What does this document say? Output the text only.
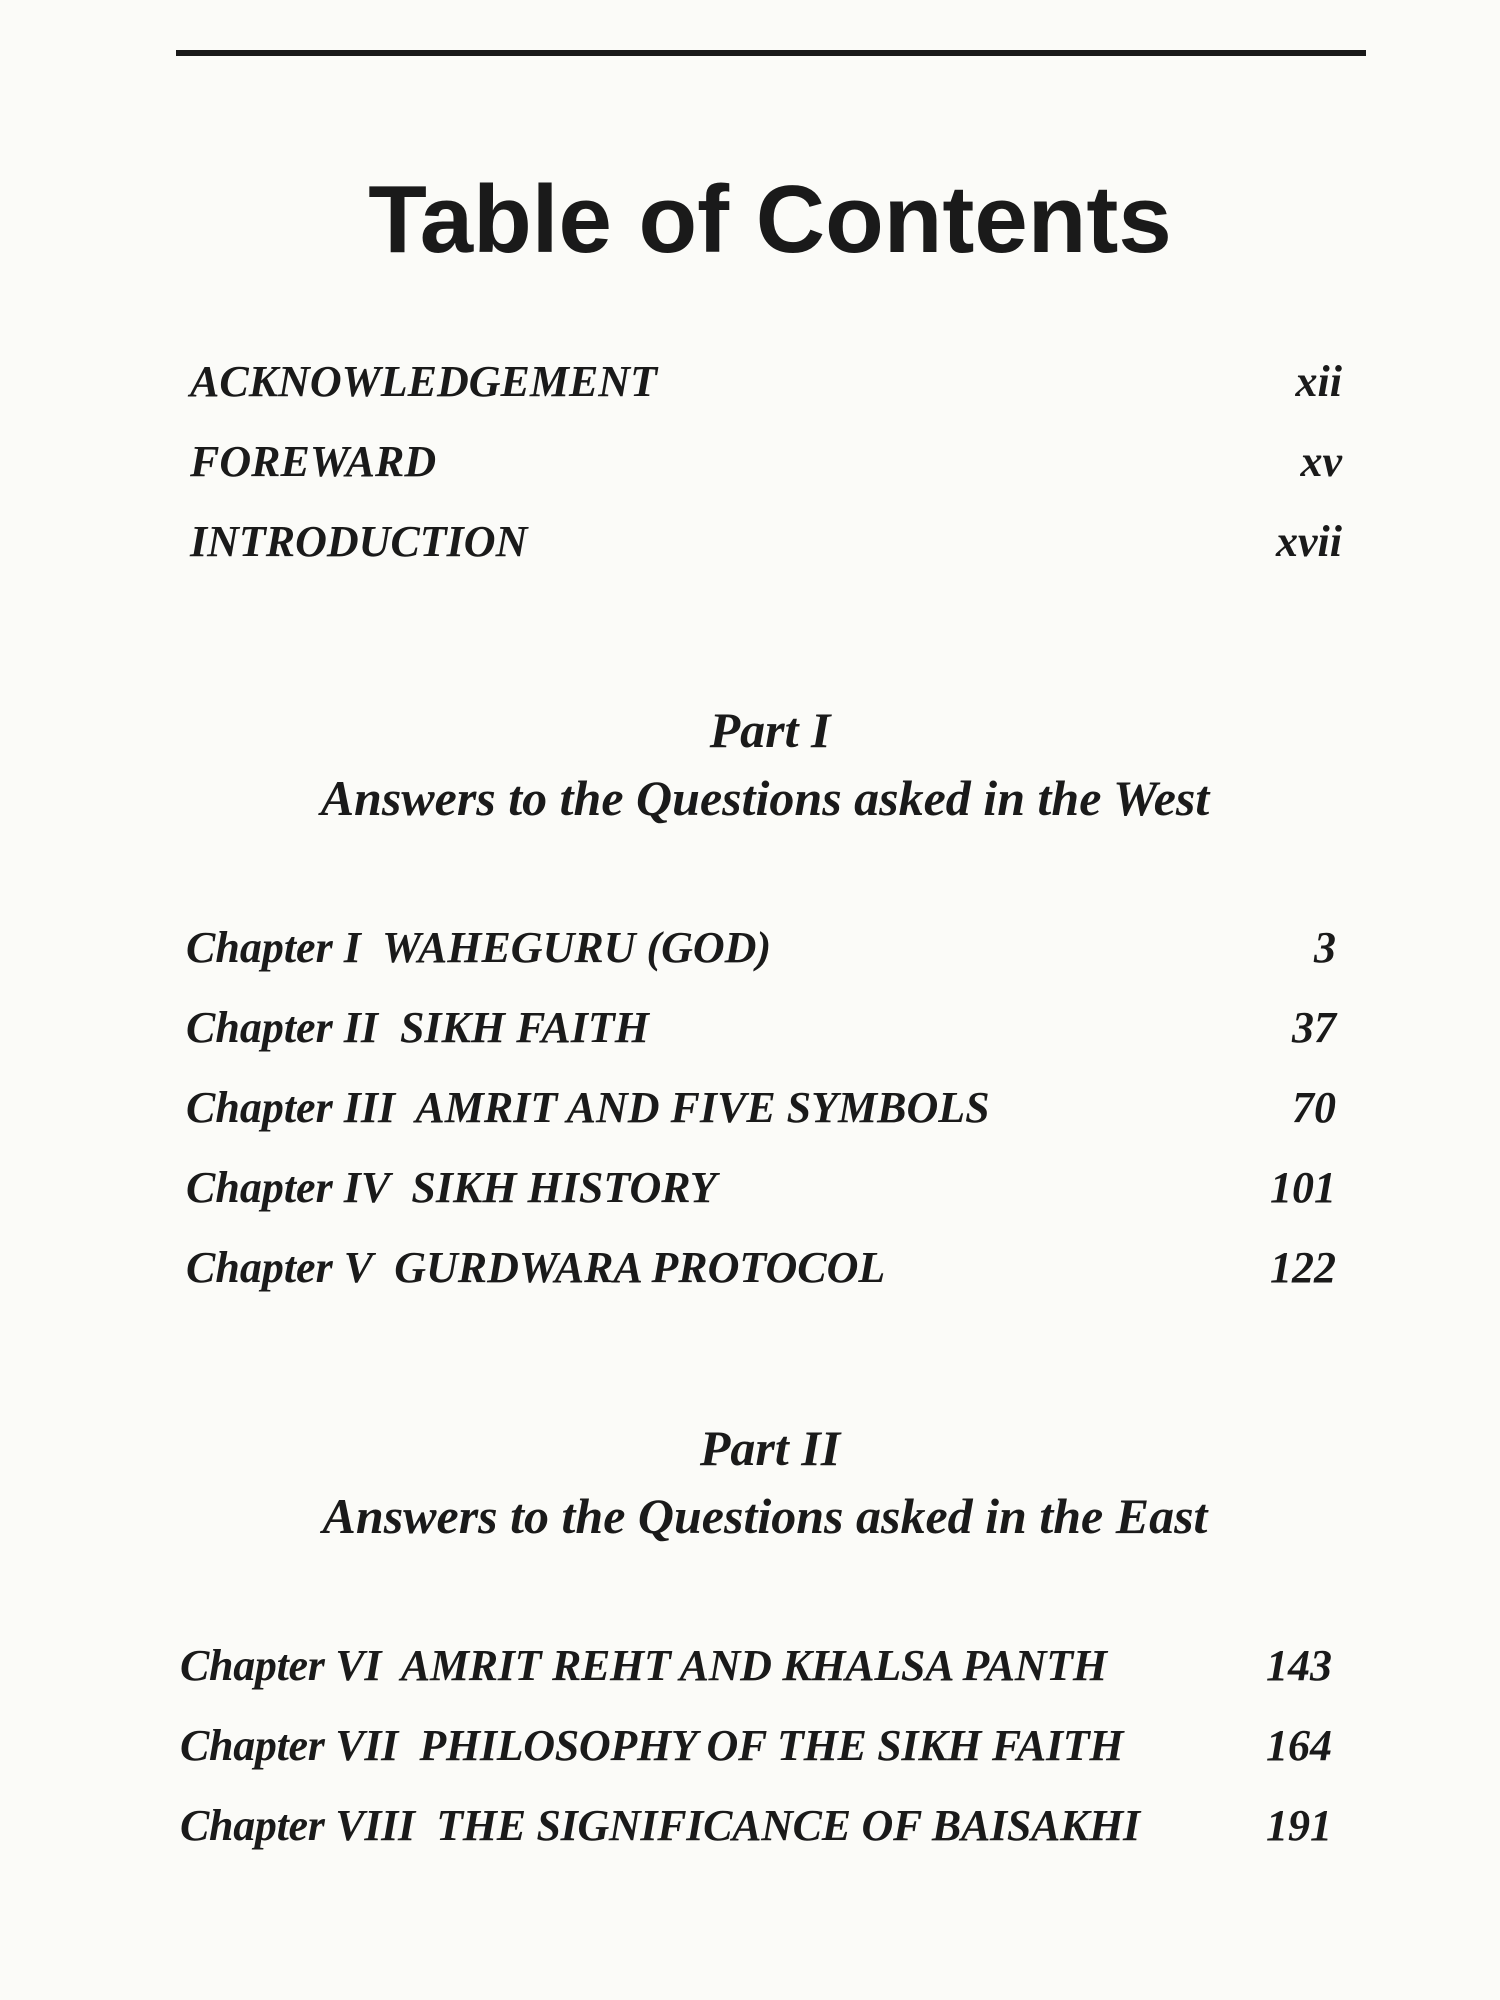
Table of Contents
ACKNOWLEDGEMENT	xii
FOREWARD	xv
INTRODUCTION	xvii
Part I
Answers to the Questions asked in the West
Chapter I  WAHEGURU (GOD)	3
Chapter II  SIKH FAITH	37
Chapter III  AMRIT AND FIVE SYMBOLS	70
Chapter IV  SIKH HISTORY	101
Chapter V  GURDWARA PROTOCOL	122
Part II
Answers to the Questions asked in the East
Chapter VI  AMRIT REHT AND KHALSA PANTH	143
Chapter VII  PHILOSOPHY OF THE SIKH FAITH	164
Chapter VIII  THE SIGNIFICANCE OF BAISAKHI	191
